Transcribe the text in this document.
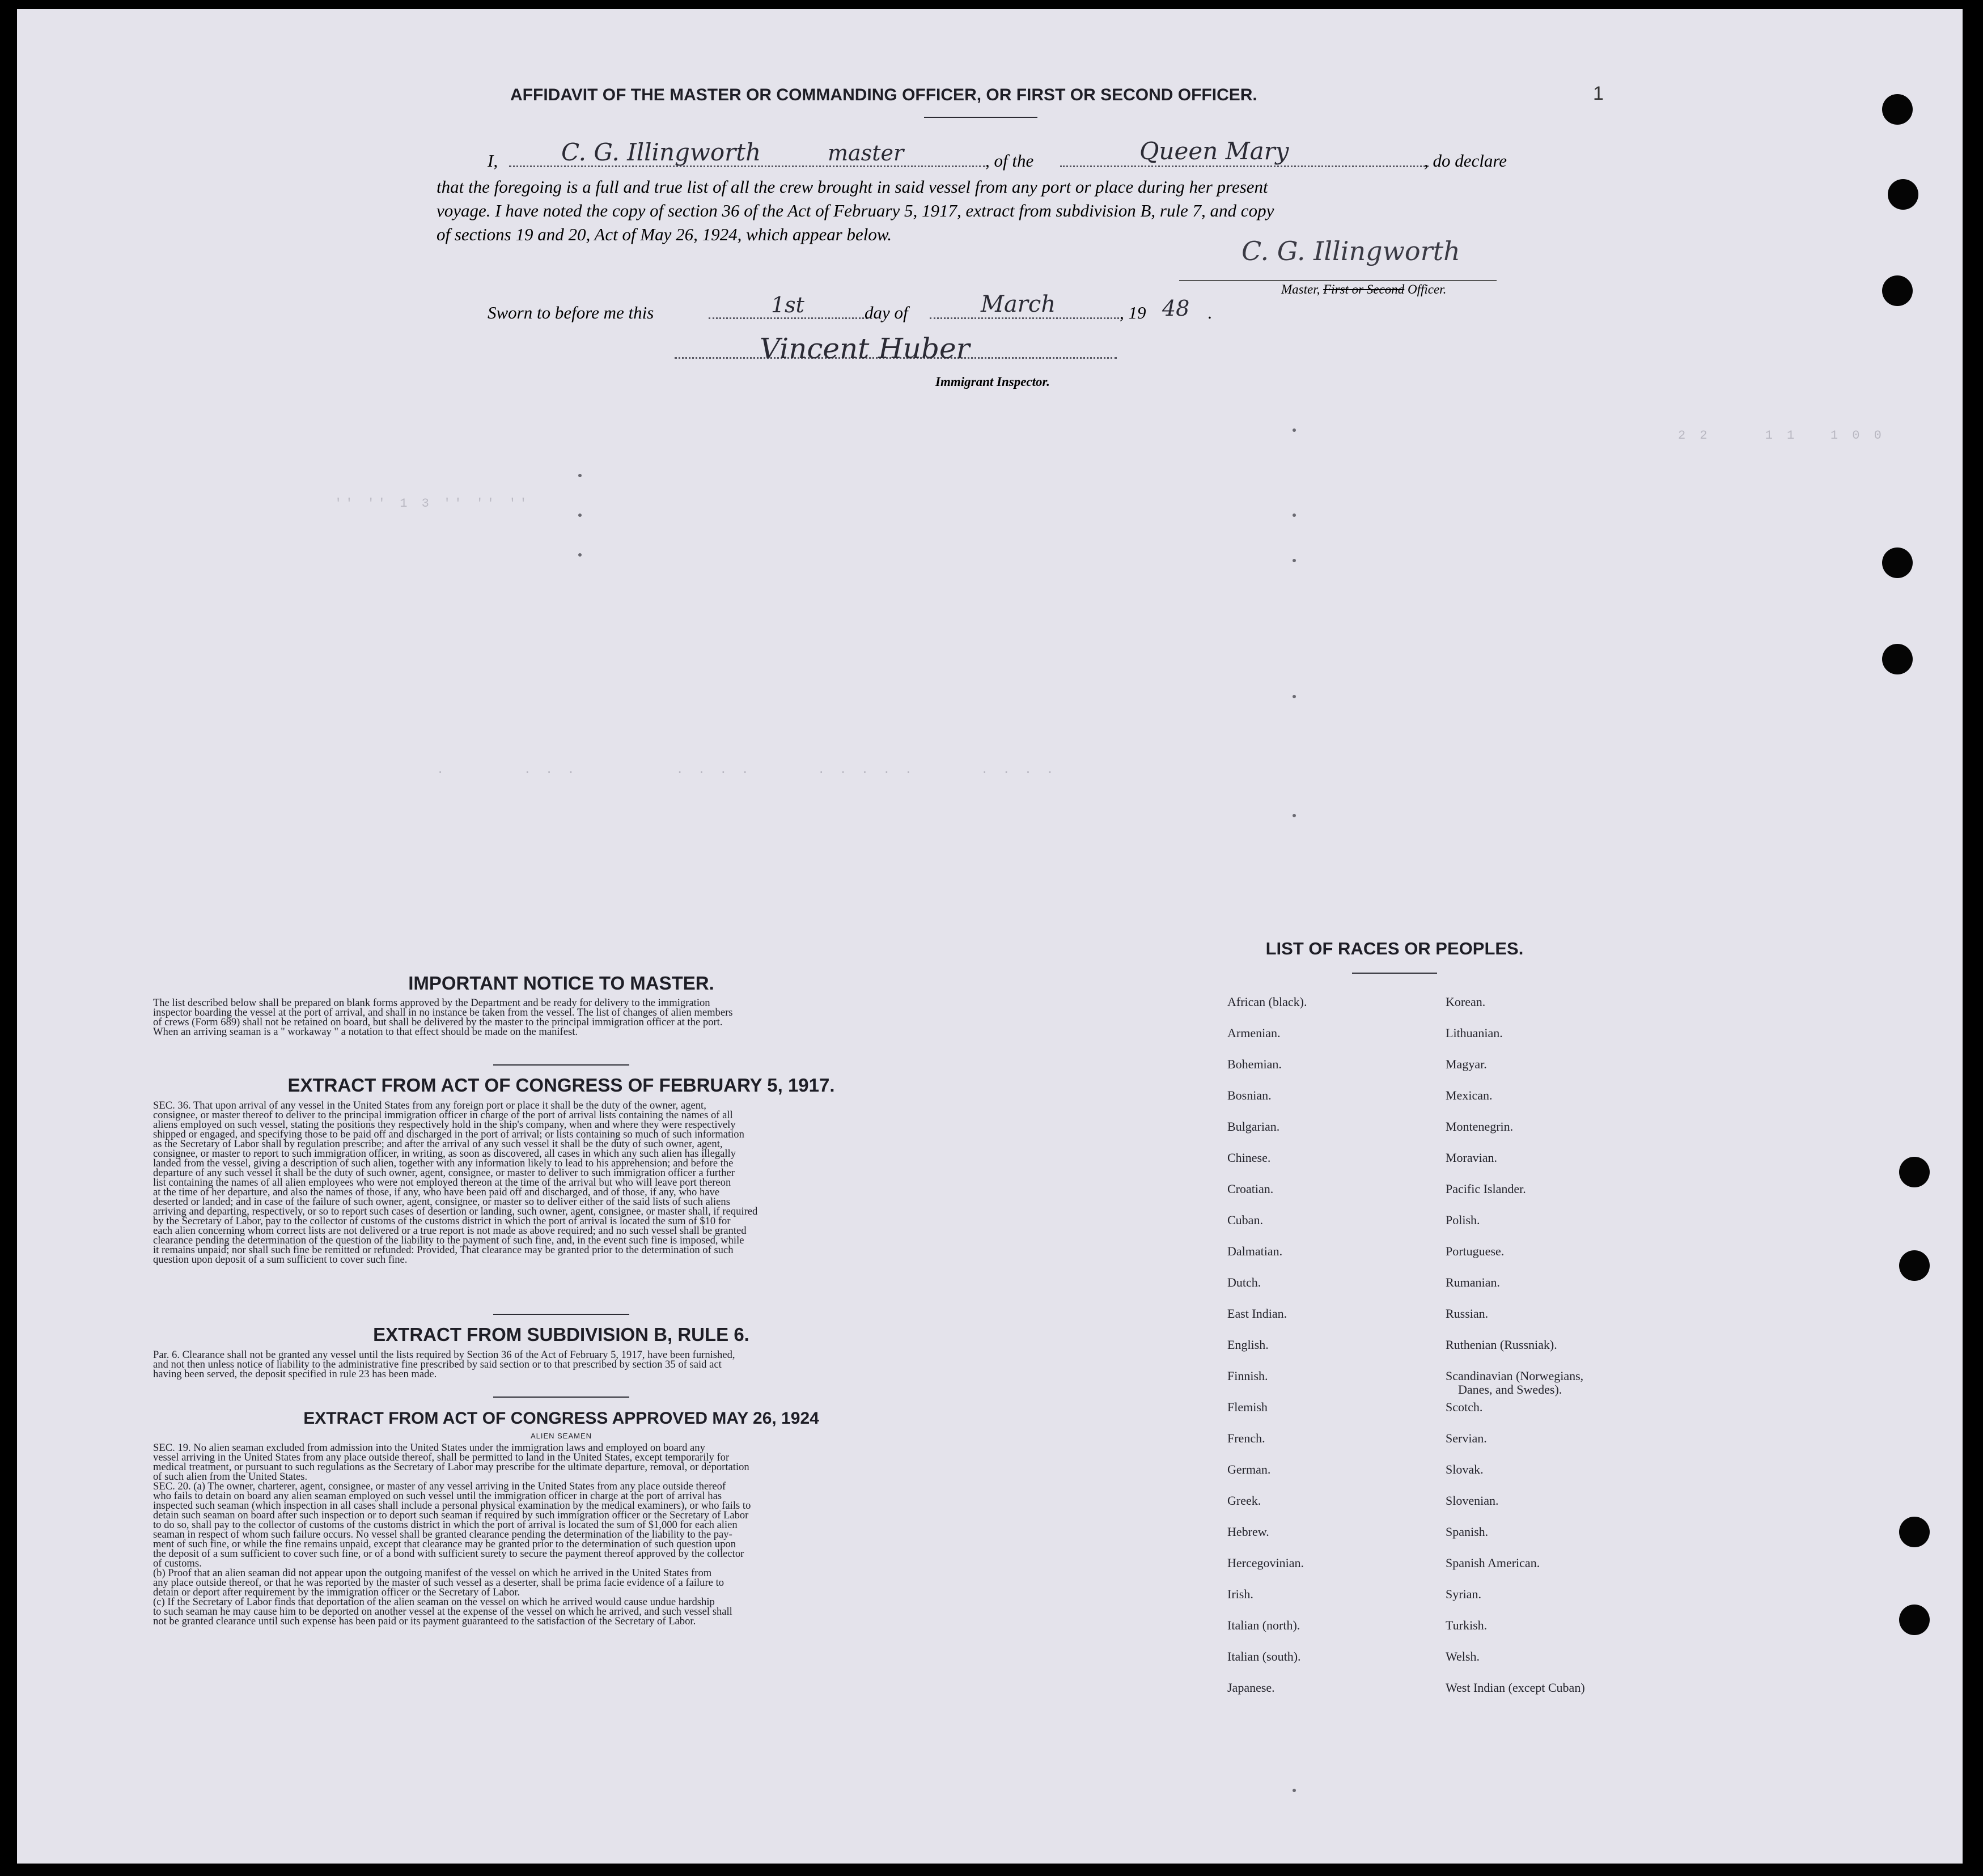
'' '' 1 3 '' '' ''
2 2     1 1   1 0 0
.       . . .         . . . .      . . . . .      . . . .
AFFIDAVIT OF THE MASTER OR COMMANDING OFFICER, OR FIRST OR SECOND OFFICER.	1
I,	C. G. Illingworth	master	, of the	Queen Mary	, do declare
that the foregoing is a full and true list of all the crew brought in said vessel from any port or place during her present
voyage. I have noted the copy of section 36 of the Act of February 5, 1917, extract from subdivision B, rule 7, and copy
of sections 19 and 20, Act of May 26, 1924, which appear below.
C. G. Illingworth
Master, First or Second Officer.
Sworn to before me this	1st	day of	March	, 19 48 .
Vincent Huber
Immigrant Inspector.
IMPORTANT NOTICE TO MASTER.
The list described below shall be prepared on blank forms approved by the Department and be ready for delivery to the immigration
inspector boarding the vessel at the port of arrival, and shall in no instance be taken from the vessel. The list of changes of alien members
of crews (Form 689) shall not be retained on board, but shall be delivered by the master to the principal immigration officer at the port.
When an arriving seaman is a " workaway " a notation to that effect should be made on the manifest.
EXTRACT FROM ACT OF CONGRESS OF FEBRUARY 5, 1917.
SEC. 36. That upon arrival of any vessel in the United States from any foreign port or place it shall be the duty of the owner, agent,
consignee, or master thereof to deliver to the principal immigration officer in charge of the port of arrival lists containing the names of all
aliens employed on such vessel, stating the positions they respectively hold in the ship's company, when and where they were respectively
shipped or engaged, and specifying those to be paid off and discharged in the port of arrival; or lists containing so much of such information
as the Secretary of Labor shall by regulation prescribe; and after the arrival of any such vessel it shall be the duty of such owner, agent,
consignee, or master to report to such immigration officer, in writing, as soon as discovered, all cases in which any such alien has illegally
landed from the vessel, giving a description of such alien, together with any information likely to lead to his apprehension; and before the
departure of any such vessel it shall be the duty of such owner, agent, consignee, or master to deliver to such immigration officer a further
list containing the names of all alien employees who were not employed thereon at the time of the arrival but who will leave port thereon
at the time of her departure, and also the names of those, if any, who have been paid off and discharged, and of those, if any, who have
deserted or landed; and in case of the failure of such owner, agent, consignee, or master so to deliver either of the said lists of such aliens
arriving and departing, respectively, or so to report such cases of desertion or landing, such owner, agent, consignee, or master shall, if required
by the Secretary of Labor, pay to the collector of customs of the customs district in which the port of arrival is located the sum of $10 for
each alien concerning whom correct lists are not delivered or a true report is not made as above required; and no such vessel shall be granted
clearance pending the determination of the question of the liability to the payment of such fine, and, in the event such fine is imposed, while
it remains unpaid; nor shall such fine be remitted or refunded: Provided, That clearance may be granted prior to the determination of such
question upon deposit of a sum sufficient to cover such fine.
EXTRACT FROM SUBDIVISION B, RULE 6.
Par. 6. Clearance shall not be granted any vessel until the lists required by Section 36 of the Act of February 5, 1917, have been furnished,
and not then unless notice of liability to the administrative fine prescribed by said section or to that prescribed by section 35 of said act
having been served, the deposit specified in rule 23 has been made.
EXTRACT FROM ACT OF CONGRESS APPROVED MAY 26, 1924
ALIEN SEAMEN
SEC. 19. No alien seaman excluded from admission into the United States under the immigration laws and employed on board any
vessel arriving in the United States from any place outside thereof, shall be permitted to land in the United States, except temporarily for
medical treatment, or pursuant to such regulations as the Secretary of Labor may prescribe for the ultimate departure, removal, or deportation
of such alien from the United States.
SEC. 20. (a) The owner, charterer, agent, consignee, or master of any vessel arriving in the United States from any place outside thereof
who fails to detain on board any alien seaman employed on such vessel until the immigration officer in charge at the port of arrival has
inspected such seaman (which inspection in all cases shall include a personal physical examination by the medical examiners), or who fails to
detain such seaman on board after such inspection or to deport such seaman if required by such immigration officer or the Secretary of Labor
to do so, shall pay to the collector of customs of the customs district in which the port of arrival is located the sum of $1,000 for each alien
seaman in respect of whom such failure occurs. No vessel shall be granted clearance pending the determination of the liability to the pay-
ment of such fine, or while the fine remains unpaid, except that clearance may be granted prior to the determination of such question upon
the deposit of a sum sufficient to cover such fine, or of a bond with sufficient surety to secure the payment thereof approved by the collector
of customs.
(b) Proof that an alien seaman did not appear upon the outgoing manifest of the vessel on which he arrived in the United States from
any place outside thereof, or that he was reported by the master of such vessel as a deserter, shall be prima facie evidence of a failure to
detain or deport after requirement by the immigration officer or the Secretary of Labor.
(c) If the Secretary of Labor finds that deportation of the alien seaman on the vessel on which he arrived would cause undue hardship
to such seaman he may cause him to be deported on another vessel at the expense of the vessel on which he arrived, and such vessel shall
not be granted clearance until such expense has been paid or its payment guaranteed to the satisfaction of the Secretary of Labor.
LIST OF RACES OR PEOPLES.
African (black).
Armenian.
Bohemian.
Bosnian.
Bulgarian.
Chinese.
Croatian.
Cuban.
Dalmatian.
Dutch.
East Indian.
English.
Finnish.
Flemish
French.
German.
Greek.
Hebrew.
Hercegovinian.
Irish.
Italian (north).
Italian (south).
Japanese.
Korean.
Lithuanian.
Magyar.
Mexican.
Montenegrin.
Moravian.
Pacific Islander.
Polish.
Portuguese.
Rumanian.
Russian.
Ruthenian (Russniak).
Scandinavian (Norwegians,
Danes, and Swedes).
Scotch.
Servian.
Slovak.
Slovenian.
Spanish.
Spanish American.
Syrian.
Turkish.
Welsh.
West Indian (except Cuban)
